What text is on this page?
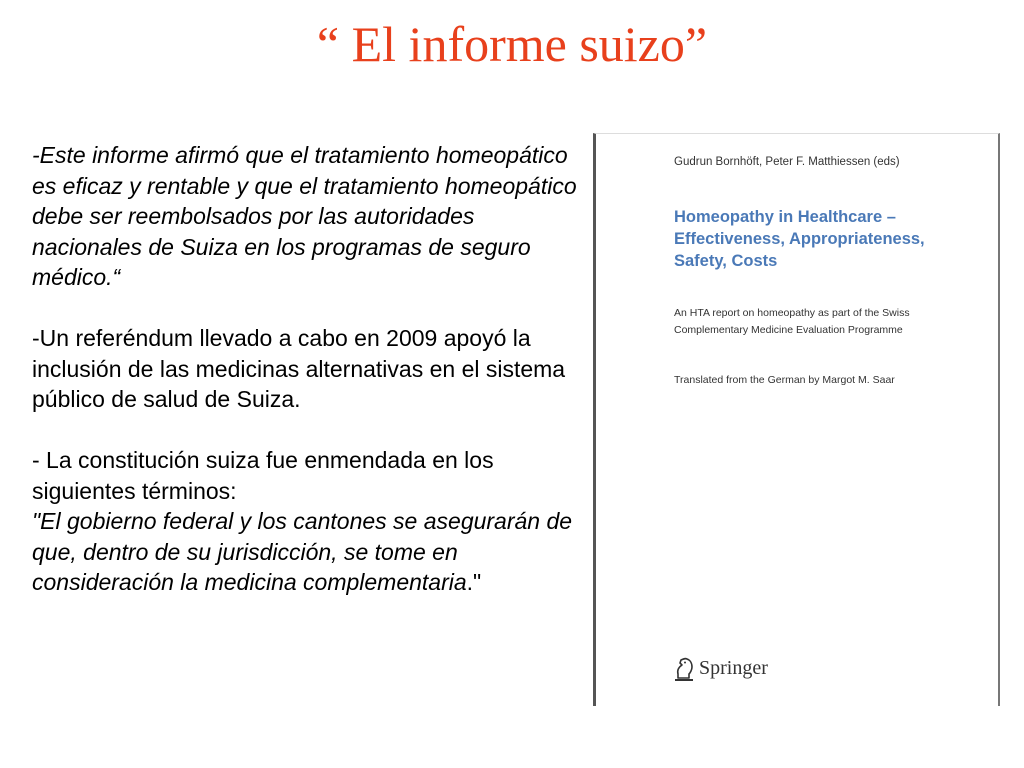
“ El informe suizo”

-Este informe afirmó que el tratamiento homeopático es eficaz y rentable y que el tratamiento homeopático debe ser reembolsados por las autoridades nacionales de Suiza en los programas de seguro médico.“

-Un referéndum llevado a cabo en 2009 apoyó la inclusión de las medicinas alternativas en el sistema público de salud de Suiza.

- La constitución suiza fue enmendada en los siguientes términos:
"El gobierno federal y los cantones se asegurarán de que, dentro de su jurisdicción, se tome en consideración la medicina complementaria."

Gudrun Bornhöft, Peter F. Matthiessen (eds)
Homeopathy in Healthcare –
Effectiveness, Appropriateness,
Safety, Costs
An HTA report on homeopathy as part of the Swiss
Complementary Medicine Evaluation Programme
Translated from the German by Margot M. Saar
Springer
